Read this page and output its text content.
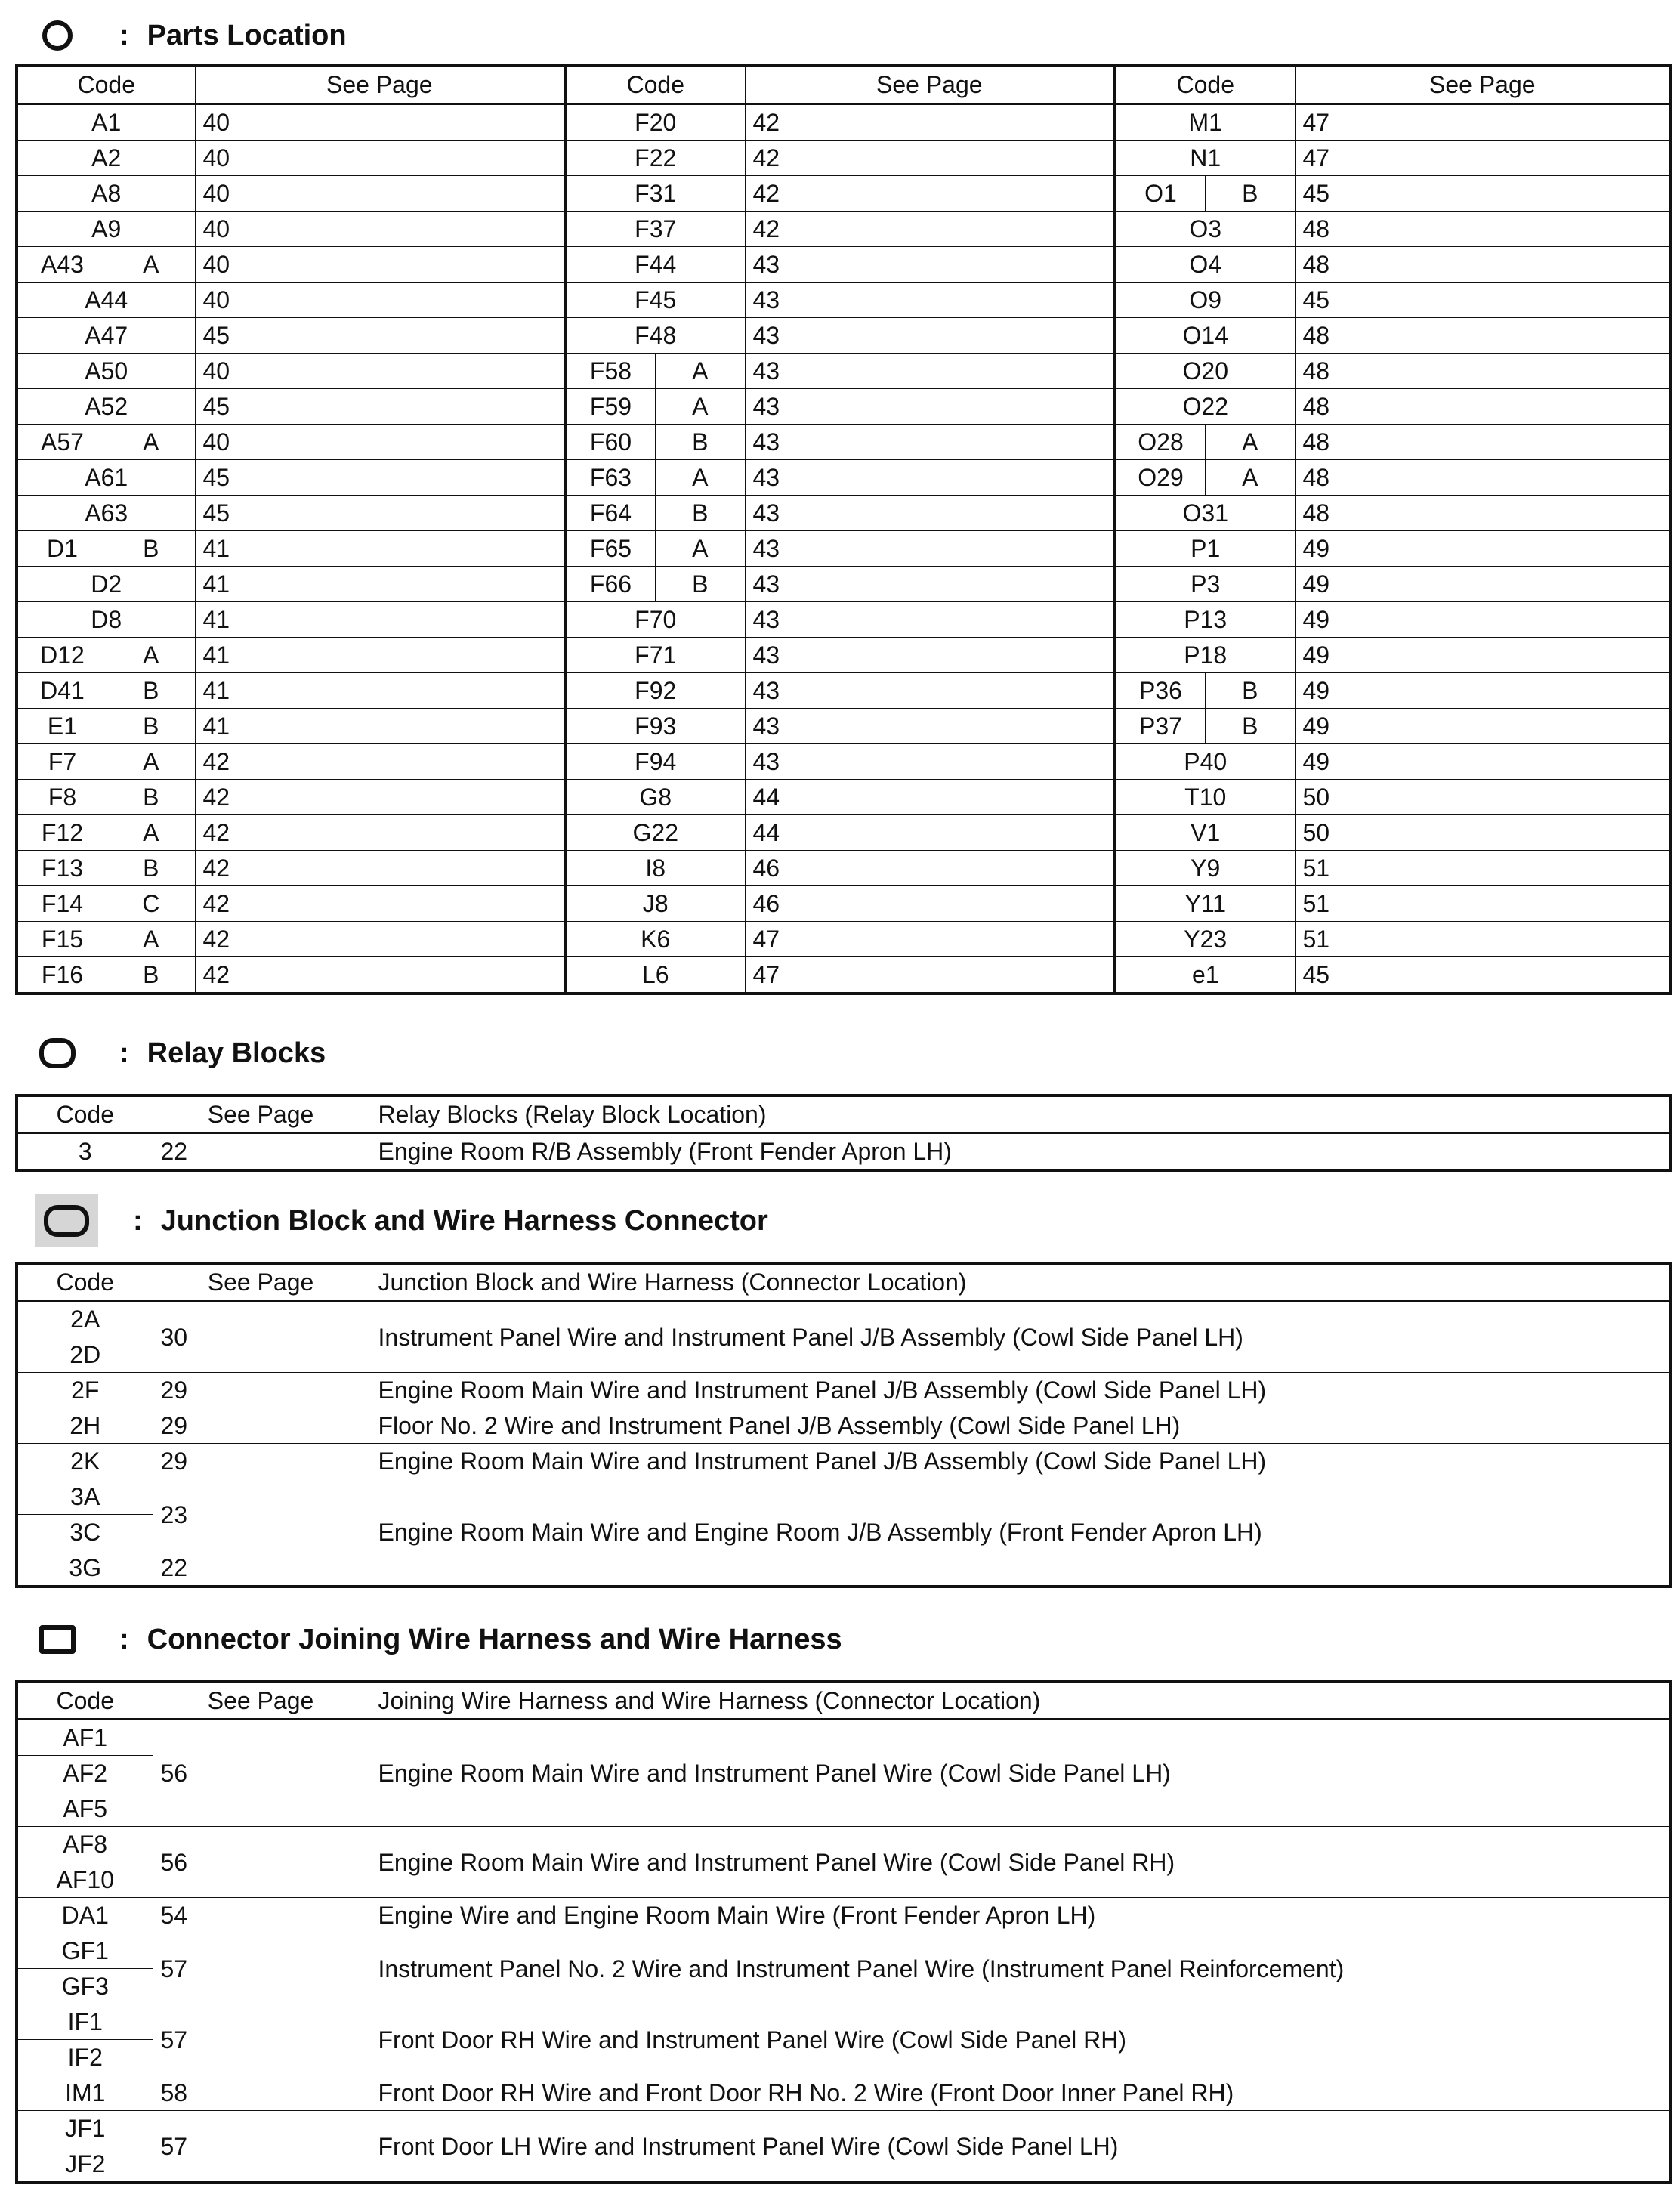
: Parts Location
Code	See Page	Code	See Page	Code	See Page
A1	40	F20	42	M1	47
A2	40	F22	42	N1	47
A8	40	F31	42	O1 B	45
A9	40	F37	42	O3	48

A43 A	40	F44	43	O4	48
A44	40	F45	43	O9	45
A47	45	F48	43	O14	48
A50	40	F58 A	43	O20	48
A52	45	F59 A	43	O22	48

A57 A	40	F60 B	43	O28 A	48
A61	45	F63 A	43	O29 A	48
A63	45	F64 B	43	O31	48

D1 B	41	F65 A	43	P1	49
D2	41	F66 B	43	P3	49
D8	41	F70	43	P13	49

D12 A	41	F71	43	P18	49

D41 B	41	F92	43	P36 B	49

E1 B	41	F93	43	P37 B	49

F7 A	42	F94	43	P40	49

F8 B	42	G8	44	T10	50

F12 A	42	G22	44	V1	50

F13 B	42	I8	46	Y9	51

F14 C	42	J8	46	Y11	51

F15 A	42	K6	47	Y23	51

F16 B	42	L6	47	e1	45
: Relay Blocks
Code	See Page	Relay Blocks (Relay Block Location)
3	22	Engine Room R/B Assembly (Front Fender Apron LH)
: Junction Block and Wire Harness Connector
Code	See Page	Junction Block and Wire Harness (Connector Location)
2A	30	Instrument Panel Wire and Instrument Panel J/B Assembly (Cowl Side Panel LH)
2D		
2F	29	Engine Room Main Wire and Instrument Panel J/B Assembly (Cowl Side Panel LH)
2H	29	Floor No. 2 Wire and Instrument Panel J/B Assembly (Cowl Side Panel LH)
2K	29	Engine Room Main Wire and Instrument Panel J/B Assembly (Cowl Side Panel LH)
3A	23	Engine Room Main Wire and Engine Room J/B Assembly (Front Fender Apron LH)
3C		
3G	22	
: Connector Joining Wire Harness and Wire Harness
Code	See Page	Joining Wire Harness and Wire Harness (Connector Location)
AF1	56	Engine Room Main Wire and Instrument Panel Wire (Cowl Side Panel LH)
AF2		
AF5		
AF8	56	Engine Room Main Wire and Instrument Panel Wire (Cowl Side Panel RH)
AF10		
DA1	54	Engine Wire and Engine Room Main Wire (Front Fender Apron LH)
GF1	57	Instrument Panel No. 2 Wire and Instrument Panel Wire (Instrument Panel Reinforcement)
GF3		
IF1	57	Front Door RH Wire and Instrument Panel Wire (Cowl Side Panel RH)
IF2		
IM1	58	Front Door RH Wire and Front Door RH No. 2 Wire (Front Door Inner Panel RH)
JF1	57	Front Door LH Wire and Instrument Panel Wire (Cowl Side Panel LH)
JF2		
